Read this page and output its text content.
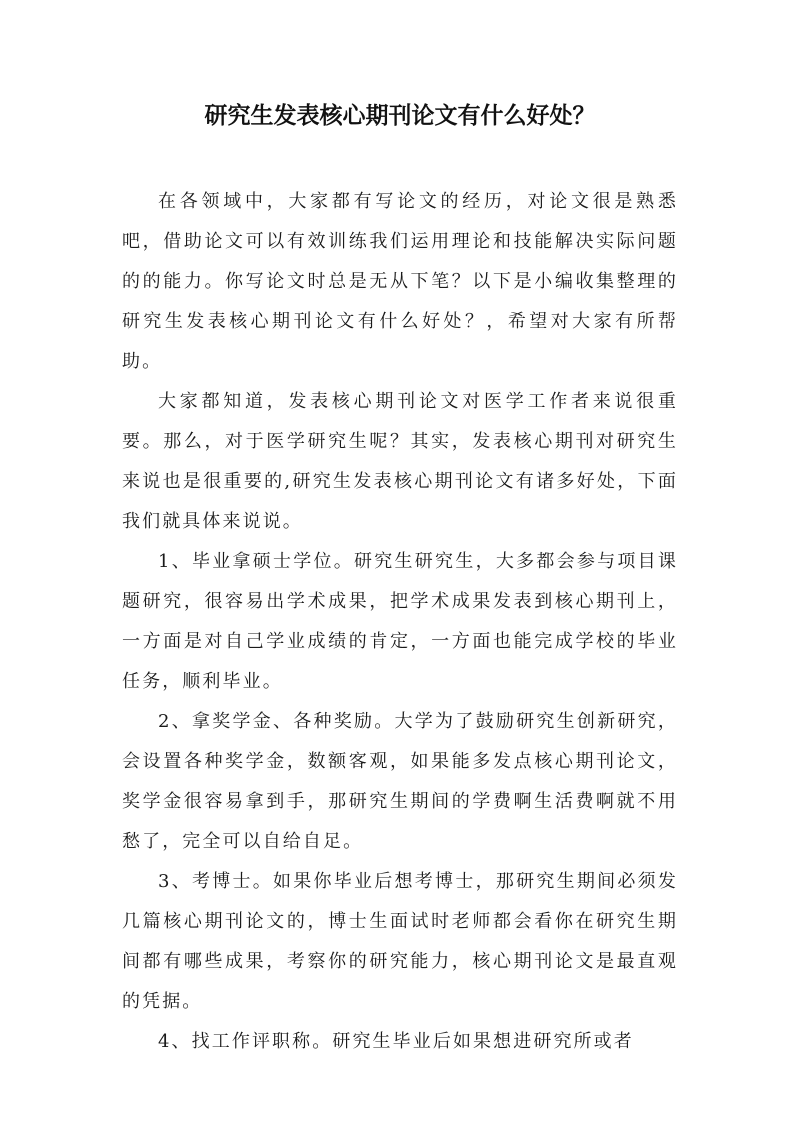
研究生发表核心期刊论文有什么好处？

在各领域中，大家都有写论文的经历，对论文很是熟悉吧，借助论文可以有效训练我们运用理论和技能解决实际问题的的能力。你写论文时总是无从下笔？以下是小编收集整理的研究生发表核心期刊论文有什么好处？，希望对大家有所帮助。

大家都知道，发表核心期刊论文对医学工作者来说很重要。那么，对于医学研究生呢？其实，发表核心期刊对研究生来说也是很重要的,研究生发表核心期刊论文有诸多好处，下面我们就具体来说说。

1、毕业拿硕士学位。研究生研究生，大多都会参与项目课题研究，很容易出学术成果，把学术成果发表到核心期刊上，一方面是对自己学业成绩的肯定，一方面也能完成学校的毕业任务，顺利毕业。

2、拿奖学金、各种奖励。大学为了鼓励研究生创新研究，会设置各种奖学金，数额客观，如果能多发点核心期刊论文，奖学金很容易拿到手，那研究生期间的学费啊生活费啊就不用愁了，完全可以自给自足。

3、考博士。如果你毕业后想考博士，那研究生期间必须发几篇核心期刊论文的，博士生面试时老师都会看你在研究生期间都有哪些成果，考察你的研究能力，核心期刊论文是最直观的凭据。

4、找工作评职称。研究生毕业后如果想进研究所或者
